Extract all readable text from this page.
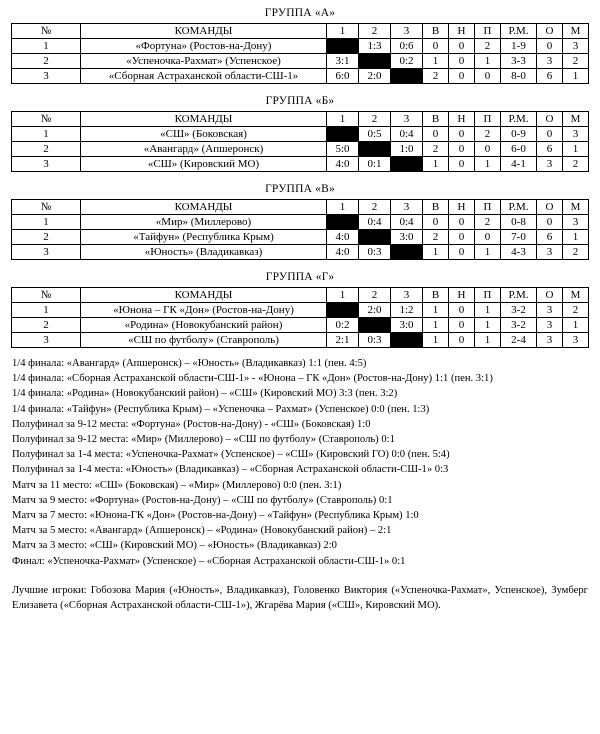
ГРУППА «А»
№	КОМАНДЫ	1	2	3	В	Н	П	Р.М.	О	М
1	«Фортуна» (Ростов-на-Дону)		1:3	0:6	0	0	2	1-9	0	3
2	«Успеночка-Рахмат» (Успенское)	3:1		0:2	1	0	1	3-3	3	2
3	«Сборная Астраханской области-СШ-1»	6:0	2:0		2	0	0	8-0	6	1
ГРУППА «Б»
№	КОМАНДЫ	1	2	3	В	Н	П	Р.М.	О	М
1	«СШ» (Боковская)		0:5	0:4	0	0	2	0-9	0	3
2	«Авангард» (Апшеронск)	5:0		1:0	2	0	0	6-0	6	1
3	«СШ» (Кировский МО)	4:0	0:1		1	0	1	4-1	3	2
ГРУППА «В»
№	КОМАНДЫ	1	2	3	В	Н	П	Р.М.	О	М
1	«Мир» (Миллерово)		0:4	0:4	0	0	2	0-8	0	3
2	«Тайфун» (Республика Крым)	4:0		3:0	2	0	0	7-0	6	1
3	«Юность» (Владикавказ)	4:0	0:3		1	0	1	4-3	3	2
ГРУППА «Г»
№	КОМАНДЫ	1	2	3	В	Н	П	Р.М.	О	М
1	«Юнона – ГК «Дон» (Ростов-на-Дону)		2:0	1:2	1	0	1	3-2	3	2
2	«Родина» (Новокубанский район)	0:2		3:0	1	0	1	3-2	3	1
3	«СШ по футболу» (Ставрополь)	2:1	0:3		1	0	1	2-4	3	3

1/4 финала: «Авангард» (Апшеронск) – «Юность» (Владикавказ) 1:1 (пен. 4:5)

1/4 финала: «Сборная Астраханской области-СШ-1» - «Юнона – ГК «Дон» (Ростов-на-Дону) 1:1 (пен. 3:1)

1/4 финала: «Родина» (Новокубанский район) – «СШ» (Кировский МО) 3:3 (пен. 3:2)

1/4 финала: «Тайфун» (Республика Крым) – «Успеночка – Рахмат» (Успенское) 0:0 (пен. 1:3)

Полуфинал за 9-12 места: «Фортуна» (Ростов-на-Дону) - «СШ» (Боковская) 1:0

Полуфинал за 9-12 места: «Мир» (Миллерово) – «СШ по футболу» (Ставрополь) 0:1

Полуфинал за 1-4 места: «Успеночка-Рахмат» (Успенское) – «СШ» (Кировский ГО) 0:0 (пен. 5:4)

Полуфинал за 1-4 места: «Юность» (Владикавказ) – «Сборная Астраханской области-СШ-1» 0:3

Матч за 11 место: «СШ» (Боковская) – «Мир» (Миллерово) 0:0 (пен. 3:1)

Матч за 9 место: «Фортуна» (Ростов-на-Дону) – «СШ по футболу» (Ставрополь) 0:1

Матч за 7 место: «Юнона-ГК «Дон» (Ростов-на-Дону) – «Тайфун» (Республика Крым) 1:0

Матч за 5 место: «Авангард» (Апшеронск) – «Родина» (Новокубанский район) – 2:1

Матч за 3 место: «СШ» (Кировский МО) – «Юность» (Владикавказ) 2:0

Финал: «Успеночка-Рахмат» (Успенское) – «Сборная Астраханской области-СШ-1» 0:1

Лучшие игроки: Гобозова Мария («Юность», Владикавказ), Головенко Виктория («Успеночка-Рахмат», Успенское), Зумберг Елизавета («Сборная Астраханской области-СШ-1»), Жгарёва Мария («СШ», Кировский МО).
